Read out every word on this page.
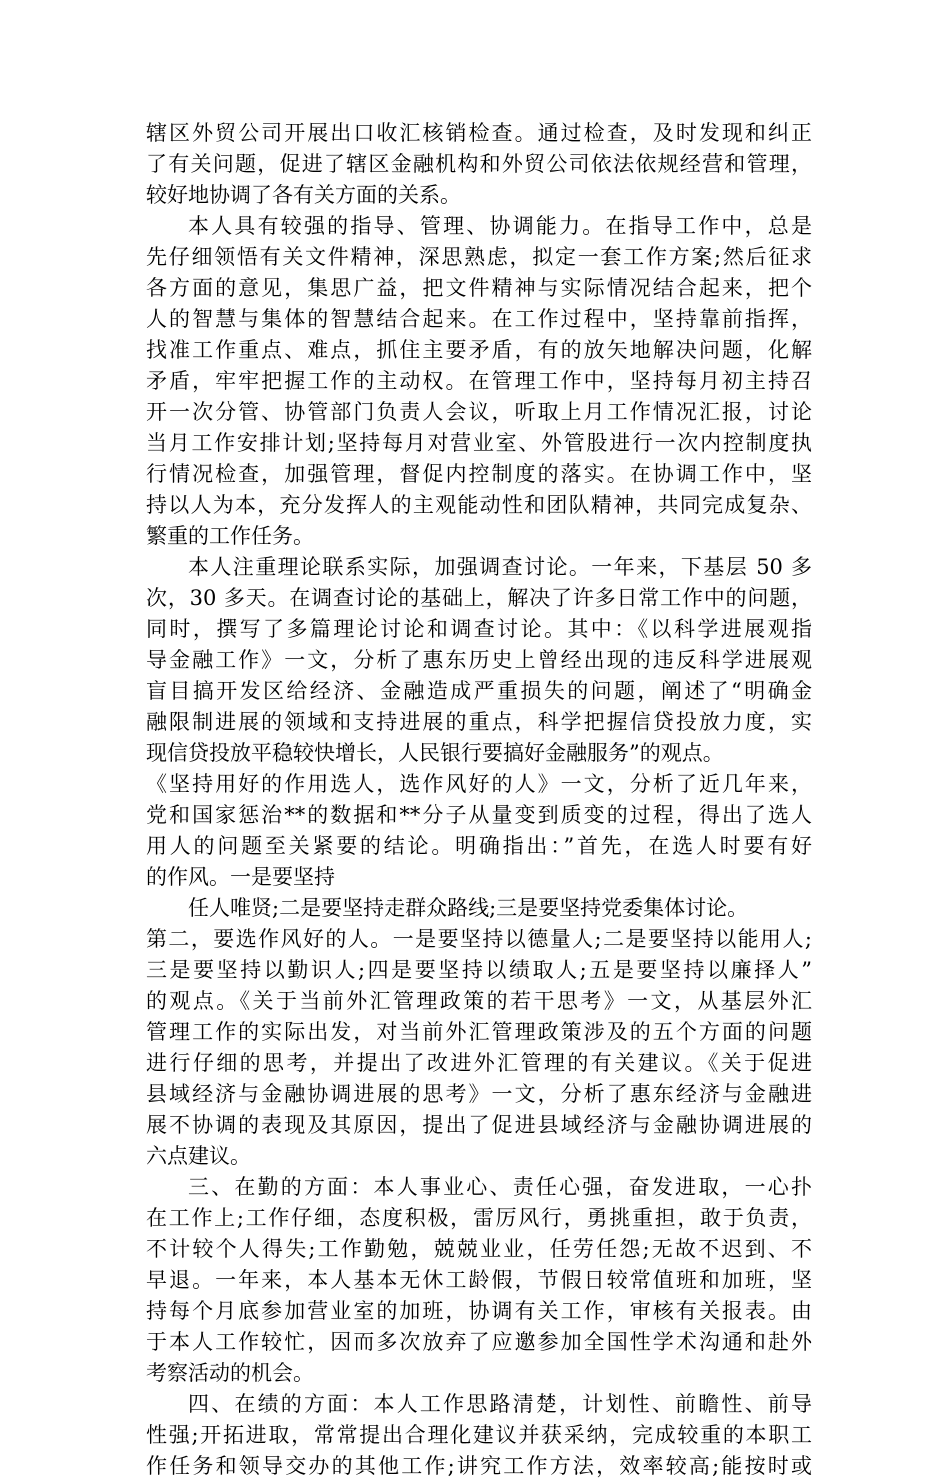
辖区外贸公司开展出口收汇核销检查。通过检查，及时发现和纠正
了有关问题，促进了辖区金融机构和外贸公司依法依规经营和管理，
较好地协调了各有关方面的关系。
本人具有较强的指导、管理、协调能力。在指导工作中，总是
先仔细领悟有关文件精神，深思熟虑，拟定一套工作方案;然后征求
各方面的意见，集思广益，把文件精神与实际情况结合起来，把个
人的智慧与集体的智慧结合起来。在工作过程中，坚持靠前指挥，
找准工作重点、难点，抓住主要矛盾，有的放矢地解决问题，化解
矛盾，牢牢把握工作的主动权。在管理工作中，坚持每月初主持召
开一次分管、协管部门负责人会议，听取上月工作情况汇报，讨论
当月工作安排计划;坚持每月对营业室、外管股进行一次内控制度执
行情况检查，加强管理，督促内控制度的落实。在协调工作中，坚
持以人为本，充分发挥人的主观能动性和团队精神，共同完成复杂、
繁重的工作任务。
本人注重理论联系实际，加强调查讨论。一年来，下基层 50 多
次，30 多天。在调查讨论的基础上，解决了许多日常工作中的问题，
同时，撰写了多篇理论讨论和调查讨论。其中：《以科学进展观指
导金融工作》一文，分析了惠东历史上曾经出现的违反科学进展观
盲目搞开发区给经济、金融造成严重损失的问题，阐述了“明确金
融限制进展的领域和支持进展的重点，科学把握信贷投放力度，实
现信贷投放平稳较快增长，人民银行要搞好金融服务”的观点。
《坚持用好的作用选人，选作风好的人》一文，分析了近几年来，
党和国家惩治**的数据和**分子从量变到质变的过程，得出了选人
用人的问题至关紧要的结论。明确指出：”首先，在选人时要有好
的作风。一是要坚持
任人唯贤;二是要坚持走群众路线;三是要坚持党委集体讨论。
第二，要选作风好的人。一是要坚持以德量人;二是要坚持以能用人;
三是要坚持以勤识人;四是要坚持以绩取人;五是要坚持以廉择人”
的观点。《关于当前外汇管理政策的若干思考》一文，从基层外汇
管理工作的实际出发，对当前外汇管理政策涉及的五个方面的问题
进行仔细的思考，并提出了改进外汇管理的有关建议。《关于促进
县域经济与金融协调进展的思考》一文，分析了惠东经济与金融进
展不协调的表现及其原因，提出了促进县域经济与金融协调进展的
六点建议。
三、在勤的方面：本人事业心、责任心强，奋发进取，一心扑
在工作上;工作仔细，态度积极，雷厉风行，勇挑重担，敢于负责，
不计较个人得失;工作勤勉，兢兢业业，任劳任怨;无故不迟到、不
早退。一年来，本人基本无休工龄假，节假日较常值班和加班，坚
持每个月底参加营业室的加班，协调有关工作，审核有关报表。由
于本人工作较忙，因而多次放弃了应邀参加全国性学术沟通和赴外
考察活动的机会。
四、在绩的方面：本人工作思路清楚，计划性、前瞻性、前导
性强;开拓进取，常常提出合理化建议并获采纳，完成较重的本职工
作任务和领导交办的其他工作;讲究工作方法，效率较高;能按时或
